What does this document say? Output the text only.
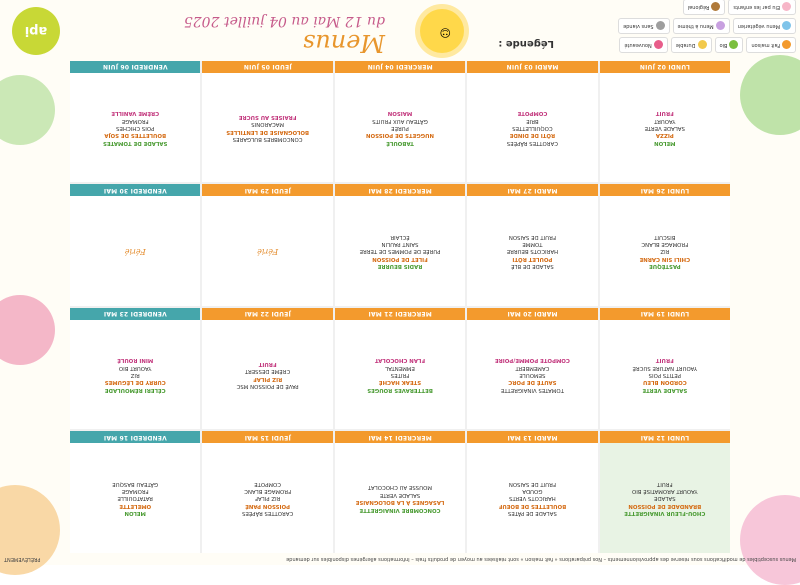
Menus susceptibles de modifications sous réserve des approvisionnements – Nos préparations « fait maison » sont réalisées au moyen de produits frais – Informations allergènes disponibles sur demande
PRÉLÈVEMENT
CHOU-FLEUR VINAIGRETTE
BRANDADE DE POISSON
SALADE
YAOURT AROMATISÉ BIO
FRUIT
LUNDI 12 MAI
SALADE DE PÂTES
BOULETTES DE BOEUF
HARICOTS VERTS
GOUDA
FRUIT DE SAISON
MARDI 13 MAI
CONCOMBRE VINAIGRETTE
LASAGNES À LA BOLOGNAISE
SALADE VERTE
MOUSSE AU CHOCOLAT
MERCREDI 14 MAI
CAROTTES RÂPÉES
POISSON PANÉ
RIZ PILAF
FROMAGE BLANC
COMPOTE
JEUDI 15 MAI
MELON
OMELETTE
RATATOUILLE
FROMAGE
GÂTEAU BASQUE
VENDREDI 16 MAI
SALADE VERTE
CORDON BLEU
PETITS POIS
YAOURT NATURE SUCRÉ
FRUIT
LUNDI 19 MAI
TOMATES VINAIGRETTE
SAUTÉ DE PORC
SEMOULE
CAMEMBERT
COMPOTE POMME/POIRE
MARDI 20 MAI
BETTERAVES ROUGES
STEAK HACHÉ
FRITES
EMMENTAL
FLAN CHOCOLAT
MERCREDI 21 MAI
PAVÉ DE POISSON MSC
RIZ PILAF
CRÈME DESSERT
FRUIT
JEUDI 22 MAI
CÉLERI RÉMOULADE
CURRY DE LÉGUMES
RIZ
YAOURT BIO
MINI ROULÉ
VENDREDI 23 MAI
PASTÈQUE
CHILI SIN CARNE
RIZ
FROMAGE BLANC
BISCUIT
LUNDI 26 MAI
SALADE DE BLÉ
POULET RÔTI
HARICOTS BEURRE
TOMME
FRUIT DE SAISON
MARDI 27 MAI
RADIS BEURRE
FILET DE POISSON
PURÉE DE POMMES DE TERRE
SAINT PAULIN
ÉCLAIR
MERCREDI 28 MAI
Férié
JEUDI 29 MAI
Férié
VENDREDI 30 MAI
MELON
PIZZA
SALADE VERTE
YAOURT
FRUIT
LUNDI 02 JUIN
CAROTTES RÂPÉES
RÔTI DE DINDE
COQUILLETTES
BRIE
COMPOTE
MARDI 03 JUIN
TABOULÉ
NUGGETS DE POISSON
PURÉE
GÂTEAU AUX FRUITS
MAISON
MERCREDI 04 JUIN
CONCOMBRES BULGARES
BOLOGNAISE DE LENTILLES
MACARONIS
FRAISES AU SUCRE
JEUDI 05 JUIN
SALADE DE TOMATES
BOULETTES DE SOJA
POIS CHICHES
FROMAGE
CRÈME VANILLE
VENDREDI 06 JUIN
api	Menus
du 12 Mai au 04 juillet 2025
☺
Légende :	Fait maison
Bio
Durable
Nouveauté
Menu végétarien
Menu à thème
Sans viande
Elu par les enfants
Régional
